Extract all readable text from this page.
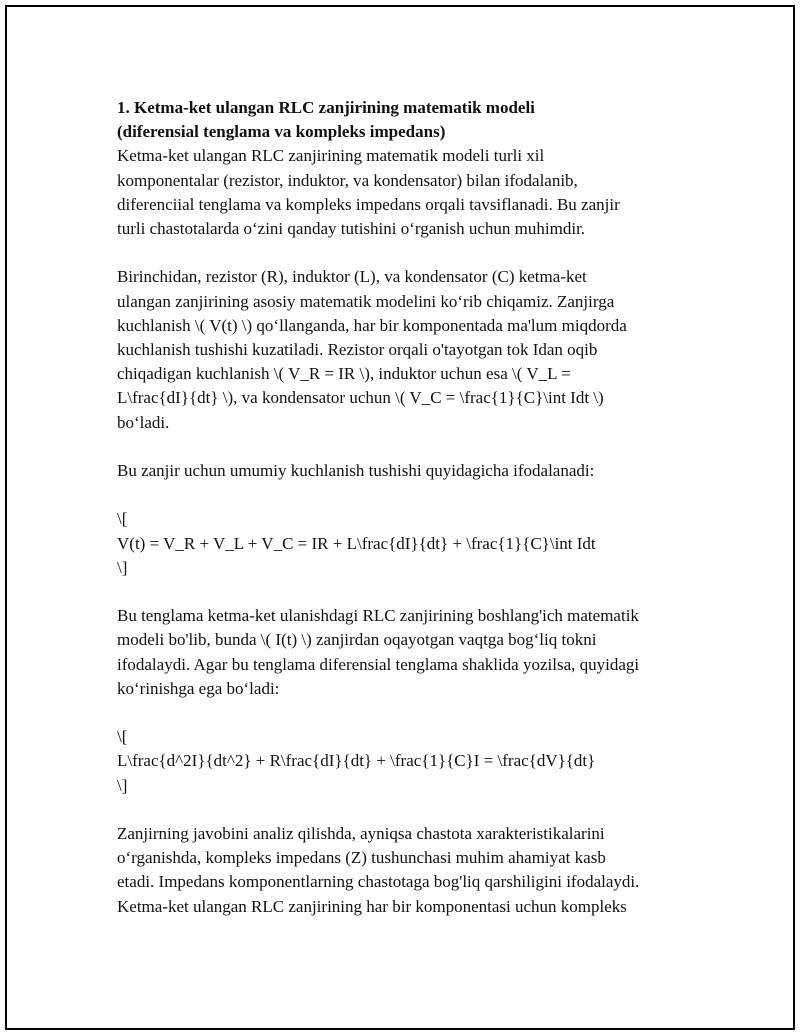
1. Ketma-ket ulangan RLC zanjirining matematik modeli
(diferensial tenglama va kompleks impedans)

Ketma-ket ulangan RLC zanjirining matematik modeli turli xil
komponentalar (rezistor, induktor, va kondensator) bilan ifodalanib,
diferenciial tenglama va kompleks impedans orqali tavsiflanadi. Bu zanjir
turli chastotalarda o‘zini qanday tutishini o‘rganish uchun muhimdir.

Birinchidan, rezistor (R), induktor (L), va kondensator (C) ketma-ket
ulangan zanjirining asosiy matematik modelini ko‘rib chiqamiz. Zanjirga
kuchlanish \( V(t) \) qo‘llanganda, har bir komponentada ma'lum miqdorda
kuchlanish tushishi kuzatiladi. Rezistor orqali o'tayotgan tok Idan oqib
chiqadigan kuchlanish \( V_R = IR \), induktor uchun esa \( V_L =
L\frac{dI}{dt} \), va kondensator uchun \( V_C = \frac{1}{C}\int Idt \)
bo‘ladi.

Bu zanjir uchun umumiy kuchlanish tushishi quyidagicha ifodalanadi:

\[
V(t) = V_R + V_L + V_C = IR + L\frac{dI}{dt} + \frac{1}{C}\int Idt
\]

Bu tenglama ketma-ket ulanishdagi RLC zanjirining boshlang'ich matematik
modeli bo'lib, bunda \( I(t) \) zanjirdan oqayotgan vaqtga bog‘liq tokni
ifodalaydi. Agar bu tenglama diferensial tenglama shaklida yozilsa, quyidagi
ko‘rinishga ega bo‘ladi:

\[
L\frac{d^2I}{dt^2} + R\frac{dI}{dt} + \frac{1}{C}I = \frac{dV}{dt}
\]

Zanjirning javobini analiz qilishda, ayniqsa chastota xarakteristikalarini
o‘rganishda, kompleks impedans (Z) tushunchasi muhim ahamiyat kasb
etadi. Impedans komponentlarning chastotaga bog'liq qarshiligini ifodalaydi.
Ketma-ket ulangan RLC zanjirining har bir komponentasi uchun kompleks
